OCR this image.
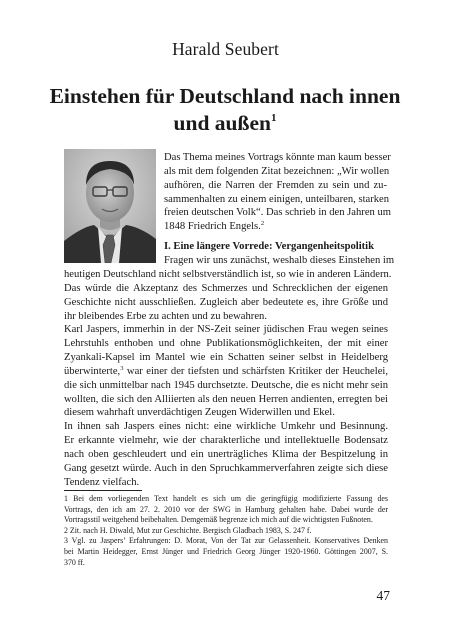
Harald Seubert
Einstehen für Deutschland nach innen
und außen$^1$
Das Thema meines Vortrags könnte man kaum besser
als mit dem folgenden Zitat bezeichnen: „Wir wollen
aufhören, die Narren der Fremden zu sein und zu-
sammenhalten zu einem einigen, unteilbaren, starken
freien deutschen Volk“. Das schrieb in den Jahren um
1848 Friedrich Engels.$^2$
I. Eine längere Vorrede: Vergangenheitspolitik
Fragen wir uns zunächst, weshalb dieses Einstehen im
heutigen Deutschland nicht selbstverständlich ist, so wie in anderen Ländern.
Das würde die Akzeptanz des Schmerzes und Schrecklichen der eigenen
Geschichte nicht ausschließen. Zugleich aber bedeutete es, ihre Größe und
ihr bleibendes Erbe zu achten und zu bewahren.
Karl Jaspers, immerhin in der NS-Zeit seiner jüdischen Frau wegen seines
Lehrstuhls enthoben und ohne Publikationsmöglichkeiten, der mit einer
Zyankali-Kapsel im Mantel wie ein Schatten seiner selbst in Heidelberg
überwinterte,$^3$ war einer der tiefsten und schärfsten Kritiker der Heuchelei,
die sich unmittelbar nach 1945 durchsetzte. Deutsche, die es nicht mehr sein
wollten, die sich den Alliierten als den neuen Herren andienten, erregten bei
diesem wahrhaft unverdächtigen Zeugen Widerwillen und Ekel.
In ihnen sah Jaspers eines nicht: eine wirkliche Umkehr und Besinnung.
Er erkannte vielmehr, wie der charakterliche und intellektuelle Bodensatz
nach oben geschleudert und ein unerträgliches Klima der Bespitzelung in
Gang gesetzt würde. Auch in den Spruchkammerverfahren zeigte sich diese
Tendenz vielfach.
1 Bei dem vorliegenden Text handelt es sich um die geringfügig modifizierte Fassung des
Vortrags, den ich am 27. 2. 2010 vor der SWG in Hamburg gehalten habe. Dabei wurde der
Vortragsstil weitgehend beibehalten. Demgemäß begrenze ich mich auf die wichtigsten Fußnoten.
2 Zit. nach H. Diwald, Mut zur Geschichte. Bergisch Gladbach 1983, S. 247 f.
3 Vgl. zu Jaspers’ Erfahrungen: D. Morat, Von der Tat zur Gelassenheit. Konservatives Denken
bei Martin Heidegger, Ernst Jünger und Friedrich Georg Jünger 1920-1960. Göttingen 2007, S.
370 ff.
47
